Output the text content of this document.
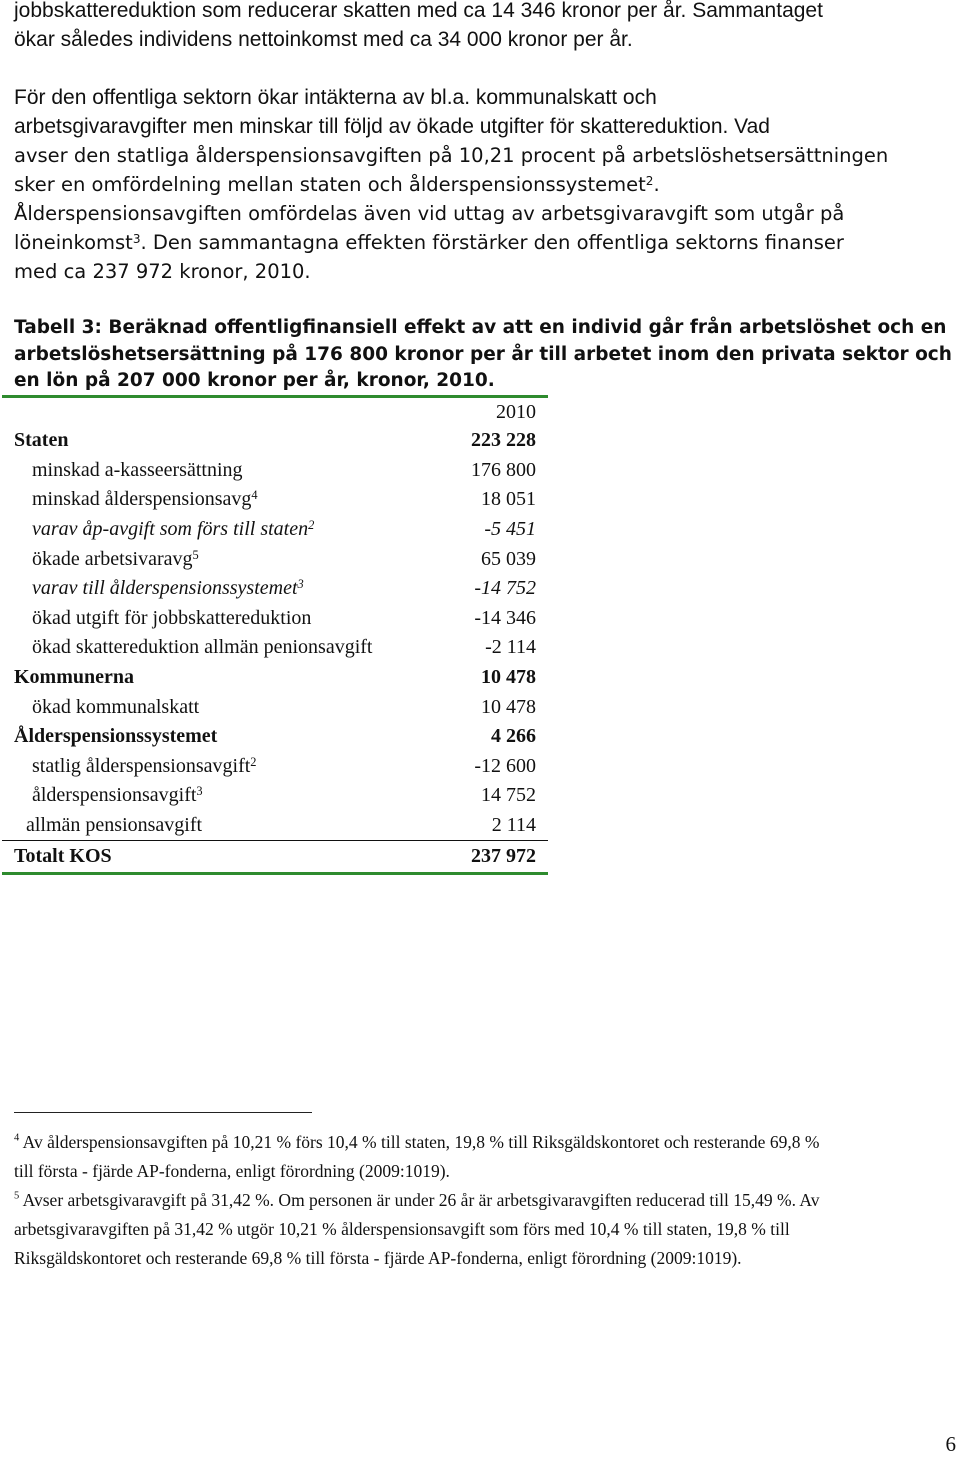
jobbskattereduktion som reducerar skatten med ca 14 346 kronor per år. Sammantaget ökar således individens nettoinkomst med ca 34 000 kronor per år.
För den offentliga sektorn ökar intäkterna av bl.a. kommunalskatt och arbetsgivaravgifter men minskar till följd av ökade utgifter för skattereduktion. Vad avser den statliga ålderspensionsavgiften på 10,21 procent på arbetslöshetsersättningen sker en omfördelning mellan staten och ålderspensionssystemet$^2$. Ålderspensionsavgiften omfördelas även vid uttag av arbetsgivaravgift som utgår på löneinkomst$^3$. Den sammantagna effekten förstärker den offentliga sektorns finanser med ca 237 972 kronor, 2010.
Tabell 3: Beräknad offentligfinansiell effekt av att en individ går från arbetslöshet och en
arbetslöshetsersättning på 176 800 kronor per år till arbetet inom den privata sektor och
en lön på 207 000 kronor per år, kronor, 2010.
	2010
Staten	223 228
minskad a-kasseersättning	176 800
minskad ålderspensionsavg$^4$	18 051
varav åp-avgift som förs till staten$^2$	-5 451
ökade arbetsivaravg$^5$	65 039
varav till ålderspensionssystemet$^3$	-14 752
ökad utgift för jobbskattereduktion	-14 346
ökad skattereduktion allmän penionsavgift	-2 114
Kommunerna	10 478
ökad kommunalskatt	10 478
Ålderspensionssystemet	4 266
statlig ålderspensionsavgift$^2$	-12 600
ålderspensionsavgift$^3$	14 752
allmän pensionsavgift	2 114
Totalt KOS	237 972
$^4$ Av ålderspensionsavgiften på 10,21 % förs 10,4 % till staten, 19,8 % till Riksgäldskontoret och resterande 69,8 %
till första - fjärde AP-fonderna, enligt förordning (2009:1019).
$^5$ Avser arbetsgivaravgift på 31,42 %. Om personen är under 26 år är arbetsgivaravgiften reducerad till 15,49 %. Av
arbetsgivaravgiften på 31,42 % utgör 10,21 % ålderspensionsavgift som förs med 10,4 % till staten, 19,8 % till
Riksgäldskontoret och resterande 69,8 % till första - fjärde AP-fonderna, enligt förordning (2009:1019).
6
